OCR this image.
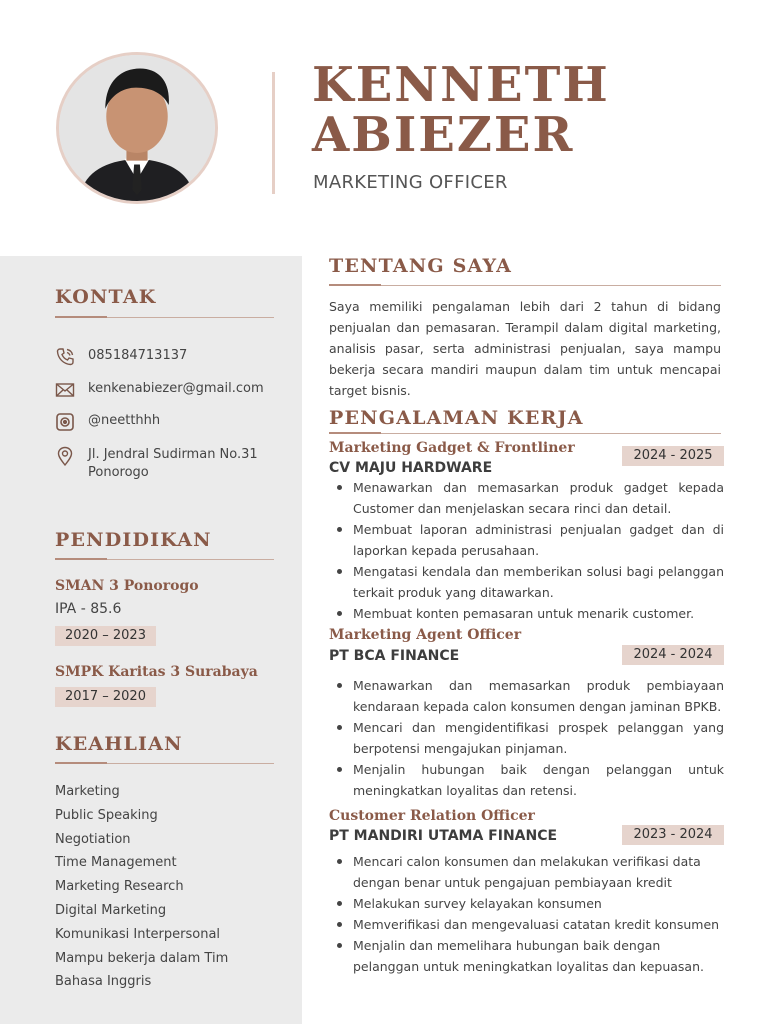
KENNETH
ABIEZER
MARKETING OFFICER
KONTAK
085184713137
kenkenabiezer@gmail.com
@neetthhh
Jl. Jendral Sudirman No.31
Ponorogo
PENDIDIKAN
SMAN 3 Ponorogo
IPA - 85.6
2020 – 2023
SMPK Karitas 3 Surabaya
2017 – 2020
KEAHLIAN
Marketing
Public Speaking
Negotiation
Time Management
Marketing Research
Digital Marketing
Komunikasi Interpersonal
Mampu bekerja dalam Tim
Bahasa Inggris
TENTANG SAYA

Saya memiliki pengalaman lebih dari 2 tahun di bidang penjualan dan pemasaran. Terampil dalam digital marketing, analisis pasar, serta administrasi penjualan, saya mampu bekerja secara mandiri maupun dalam tim untuk mencapai target bisnis.

PENGALAMAN KERJA
Marketing Gadget & Frontliner
CV MAJU HARDWARE
2024 - 2025
Menawarkan dan memasarkan produk gadget kepada Customer dan menjelaskan secara rinci dan detail.
Membuat laporan administrasi penjualan gadget dan di laporkan kepada perusahaan.
Mengatasi kendala dan memberikan solusi bagi pelanggan terkait produk yang ditawarkan.
Membuat konten pemasaran untuk menarik customer.
Marketing Agent Officer
PT BCA FINANCE	2024 - 2024
Menawarkan dan memasarkan produk pembiayaan kendaraan kepada calon konsumen dengan jaminan BPKB.
Mencari dan mengidentifikasi prospek pelanggan yang berpotensi mengajukan pinjaman.
Menjalin hubungan baik dengan pelanggan untuk meningkatkan loyalitas dan retensi.
Customer Relation Officer
PT MANDIRI UTAMA FINANCE	2023 - 2024
Mencari calon konsumen dan melakukan verifikasi data dengan benar untuk pengajuan pembiayaan kredit
Melakukan survey kelayakan konsumen
Memverifikasi dan mengevaluasi catatan kredit konsumen
Menjalin dan memelihara hubungan baik dengan pelanggan untuk meningkatkan loyalitas dan kepuasan.
